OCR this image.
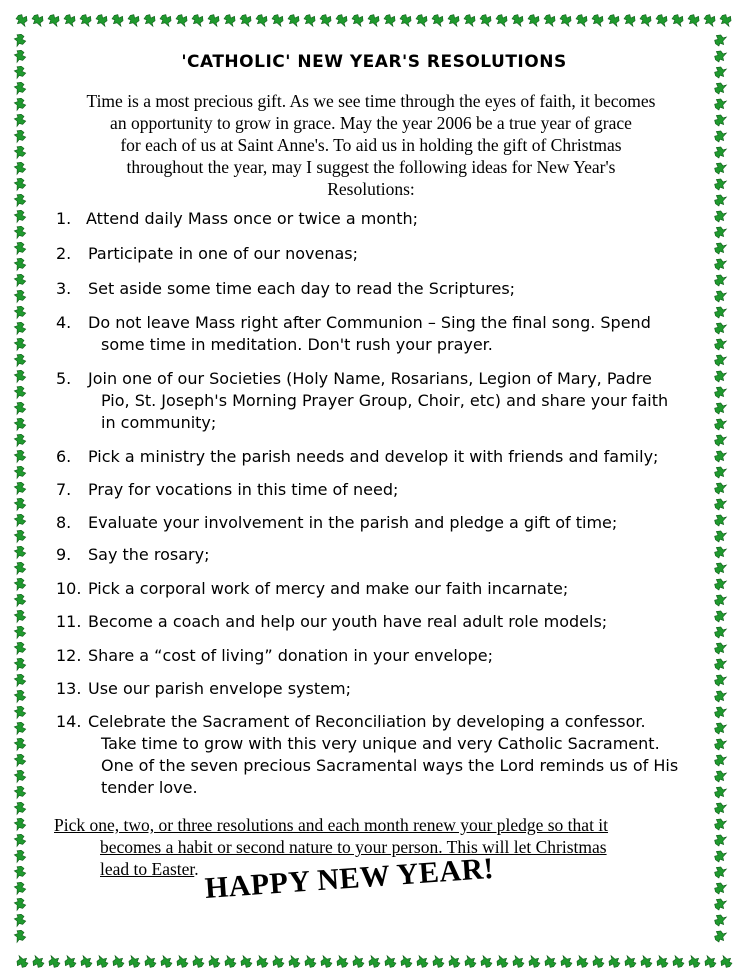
'CATHOLIC' NEW YEAR'S RESOLUTIONS
Time is a most precious gift. As we see time through the eyes of faith, it becomes
an opportunity to grow in grace. May the year 2006 be a true year of grace
for each of us at Saint Anne's. To aid us in holding the gift of Christmas
throughout the year, may I suggest the following ideas for New Year's
Resolutions:
1. Attend daily Mass once or twice a month;
2.	Participate in one of our novenas;
3.	Set aside some time each day to read the Scriptures;
4. Do not leave Mass right after Communion – Sing the final song. Spend
some time in meditation. Don't rush your prayer.
5. Join one of our Societies (Holy Name, Rosarians, Legion of Mary, Padre
Pio, St. Joseph's Morning Prayer Group, Choir, etc) and share your faith
in community;
6.	Pick a ministry the parish needs and develop it with friends and family;
7.	Pray for vocations in this time of need;
8.	Evaluate your involvement in the parish and pledge a gift of time;
9.	Say the rosary;
10. Pick a corporal work of mercy and make our faith incarnate;
11. Become a coach and help our youth have real adult role models;
12. Share a “cost of living” donation in your envelope;
13. Use our parish envelope system;
14. Celebrate the Sacrament of Reconciliation by developing a confessor.
Take time to grow with this very unique and very Catholic Sacrament.
One of the seven precious Sacramental ways the Lord reminds us of His
tender love.
Pick one, two, or three resolutions and each month renew your pledge so that it
becomes a habit or second nature to your person. This will let Christmas
lead to Easter. HAPPY NEW YEAR!
